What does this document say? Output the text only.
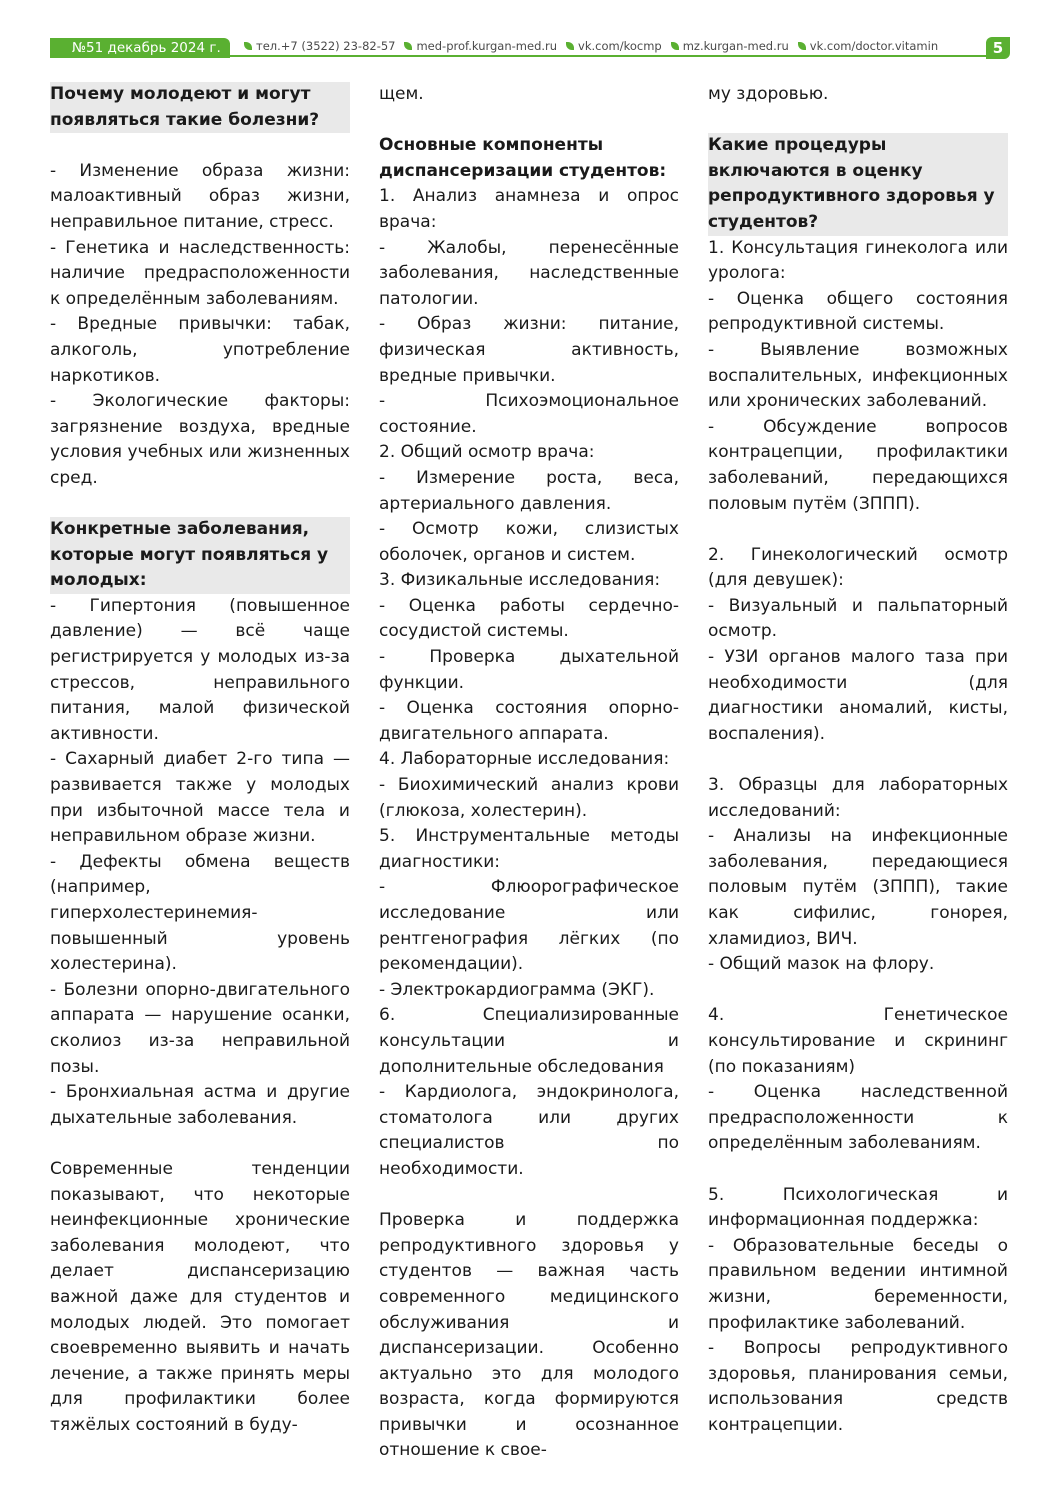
№51 декабрь 2024 г.	тел.+7 (3522) 23-82-57 med-prof.kurgan-med.ru vk.com/kocmp mz.kurgan-med.ru vk.com/doctor.vitamin	5
Почему молодеют и могут появляться такие болезни?

- Изменение образа жизни: малоактивный образ жизни, неправильное питание, стресс.

- Генетика и наследственность: наличие предрасположенности к определённым заболеваниям.

- Вредные привычки: табак, алкоголь, употребление наркотиков.

- Экологические факторы: загрязнение воздуха, вредные условия учебных или жизненных сред.

Конкретные заболевания, которые могут появляться у молодых:

- Гипертония (повышенное давление) — всё чаще регистрируется у молодых из-за стрессов, неправильного питания, малой физической активности.

- Сахарный диабет 2-го типа — развивается также у молодых при избыточной массе тела и неправильном образе жизни.

- Дефекты обмена веществ (например, гиперхолестеринемия-повышенный уровень холестерина).

- Болезни опорно-двигательного аппарата — нарушение осанки, сколиоз из-за неправильной позы.

- Бронхиальная астма и другие дыхательные заболевания.

Современные тенденции показывают, что некоторые неинфекционные хронические заболевания молодеют, что делает диспансеризацию важной даже для студентов и молодых людей. Это помогает своевременно выявить и начать лечение, а также принять меры для профилактики более тяжёлых состояний в буду-

щем.

Основные компоненты диспансеризации студентов:

1. Анализ анамнеза и опрос врача:

- Жалобы, перенесённые заболевания, наследственные патологии.

- Образ жизни: питание, физическая активность, вредные привычки.

- Психоэмоциональное состояние.

2. Общий осмотр врача:

- Измерение роста, веса, артериального давления.

- Осмотр кожи, слизистых оболочек, органов и систем.

3. Физикальные исследования:

- Оценка работы сердечно-сосудистой системы.

- Проверка дыхательной функции.

- Оценка состояния опорно-двигательного аппарата.

4. Лабораторные исследования:

- Биохимический анализ крови (глюкоза, холестерин).

5. Инструментальные методы диагностики:

- Флюорографическое исследование или рентгенография лёгких (по рекомендации).

- Электрокардиограмма (ЭКГ).

6. Специализированные консультации и дополнительные обследования

- Кардиолога, эндокринолога, стоматолога или других специалистов по необходимости.

Проверка и поддержка репродуктивного здоровья у студентов — важная часть современного медицинского обслуживания и диспансеризации. Особенно актуально это для молодого возраста, когда формируются привычки и осознанное отношение к свое-

му здоровью.

Какие процедуры включаются в оценку репродуктивного здоровья у студентов?

1. Консультация гинеколога или уролога:

- Оценка общего состояния репродуктивной системы.

- Выявление возможных воспалительных, инфекционных или хронических заболеваний.

- Обсуждение вопросов контрацепции, профилактики заболеваний, передающихся половым путём (ЗППП).

2. Гинекологический осмотр (для девушек):

- Визуальный и пальпаторный осмотр.

- УЗИ органов малого таза при необходимости (для диагностики аномалий, кисты, воспаления).

3. Образцы для лабораторных исследований:

- Анализы на инфекционные заболевания, передающиеся половым путём (ЗППП), такие как сифилис, гонорея, хламидиоз, ВИЧ.

- Общий мазок на флору.

4. Генетическое консультирование и скрининг (по показаниям)

- Оценка наследственной предрасположенности к определённым заболеваниям.

5. Психологическая и информационная поддержка:

- Образовательные беседы о правильном ведении интимной жизни, беременности, профилактике заболеваний.

- Вопросы репродуктивного здоровья, планирования семьи, использования средств контрацепции.
